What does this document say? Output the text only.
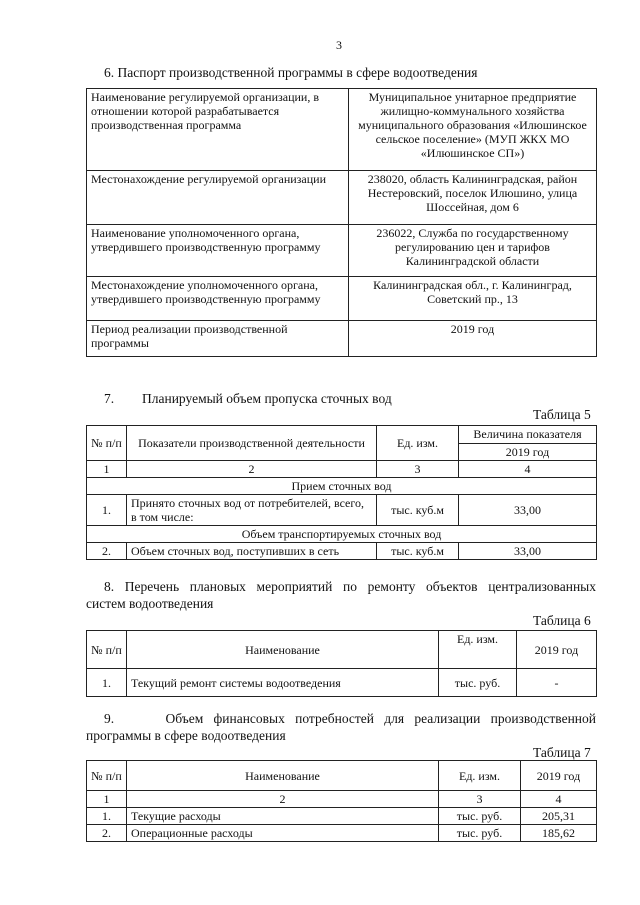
3
6. Паспорт производственной программы в сфере водоотведения
Наименование регулируемой организации, в отношении которой разрабатывается производственная программа	Муниципальное унитарное предприятие жилищно-коммунального хозяйства муниципального образования «Илюшинское сельское поселение» (МУП ЖКХ МО «Илюшинское СП»)
Местонахождение регулируемой организации	238020, область Калининградская, район Нестеровский, поселок Илюшино, улица Шоссейная, дом 6
Наименование уполномоченного органа, утвердившего производственную программу	236022, Служба по государственному регулированию цен и тарифов Калининградской области
Местонахождение уполномоченного органа, утвердившего производственную программу	Калининградская обл., г. Калининград, Советский пр., 13
Период реализации производственной программы	2019 год
7. Планируемый объем пропуска сточных вод
Таблица 5
№ п/п	Показатели производственной деятельности	Ед. изм.	Величина показателя
			2019 год
1	2	3	4
Прием сточных вод			
1.	Принято сточных вод от потребителей, всего, в том числе:	тыс. куб.м	33,00
Объем транспортируемых сточных вод			
2.	Объем сточных вод, поступивших в сеть	тыс. куб.м	33,00
8. Перечень плановых мероприятий по ремонту объектов централизованных
систем водоотведения
Таблица 6
№ п/п	Наименование	Ед. изм.	2019 год
1.	Текущий ремонт системы водоотведения	тыс. руб.	-
9.     Объем финансовых потребностей для реализации производственной
программы в сфере водоотведения
Таблица 7
№ п/п	Наименование	Ед. изм.	2019 год
1	2	3	4
1.	Текущие расходы	тыс. руб.	205,31
2.	Операционные расходы	тыс. руб.	185,62
